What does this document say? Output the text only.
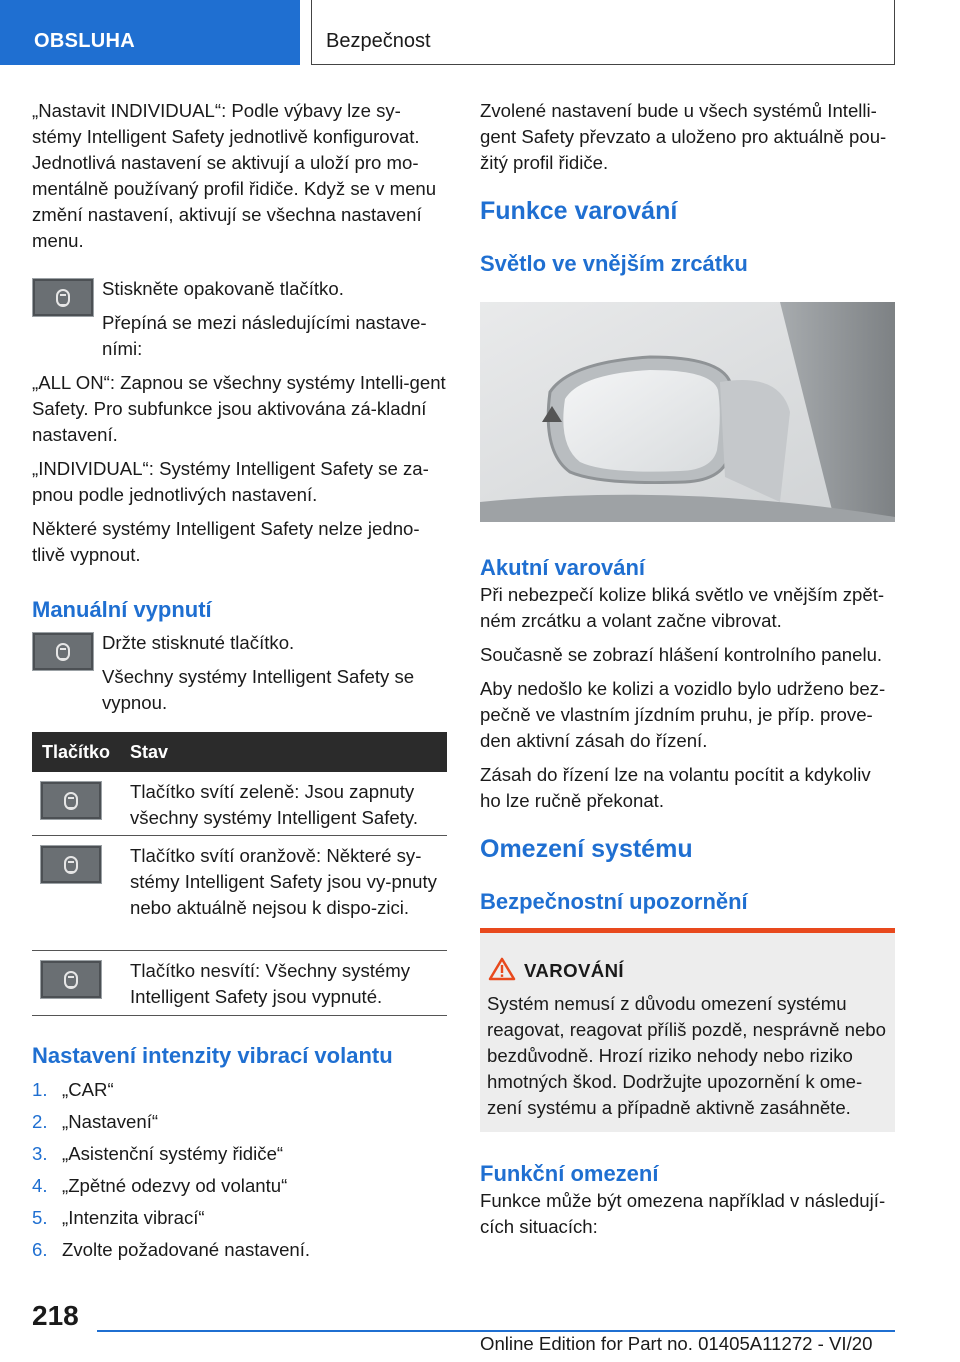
OBSLUHA	Bezpečnost

„Nastavit INDIVIDUAL“: Podle výbavy lze sy-stémy Intelligent Safety jednotlivě konfigurovat. Jednotlivá nastavení se aktivují a uloží pro mo-mentálně používaný profil řidiče. Když se v menu změní nastavení, aktivují se všechna nastavení menu.

Stiskněte opakovaně tlačítko.

Přepíná se mezi následujícími nastave-ními:

„ALL ON“: Zapnou se všechny systémy Intelli-gent Safety. Pro subfunkce jsou aktivována zá-kladní nastavení.

„INDIVIDUAL“: Systémy Intelligent Safety se za-pnou podle jednotlivých nastavení.

Některé systémy Intelligent Safety nelze jedno-tlivě vypnout.

Manuální vypnutí

Držte stisknuté tlačítko.

Všechny systémy Intelligent Safety se vypnou.

Tlačítko Stav
Tlačítko svítí zeleně: Jsou zapnuty všechny systémy Intelligent Safety.
Tlačítko svítí oranžově: Některé sy-stémy Intelligent Safety jsou vy-pnuty nebo aktuálně nejsou k dispo-zici.
Tlačítko nesvítí: Všechny systémy Intelligent Safety jsou vypnuté.
Nastavení intenzity vibrací volantu
1. „CAR“
2. „Nastavení“
3. „Asistenční systémy řidiče“
4. „Zpětné odezvy od volantu“
5. „Intenzita vibrací“
6. Zvolte požadované nastavení.

Zvolené nastavení bude u všech systémů Intelli-gent Safety převzato a uloženo pro aktuálně pou-žitý profil řidiče.

Funkce varování
Světlo ve vnějším zrcátku
Akutní varování

Při nebezpečí kolize bliká světlo ve vnějším zpět-ném zrcátku a volant začne vibrovat.

Současně se zobrazí hlášení kontrolního panelu.

Aby nedošlo ke kolizi a vozidlo bylo udrženo bez-pečně ve vlastním jízdním pruhu, je příp. prove-den aktivní zásah do řízení.

Zásah do řízení lze na volantu pocítit a kdykoliv ho lze ručně překonat.

Omezení systému
Bezpečnostní upozornění
VAROVÁNÍ
Systém nemusí z důvodu omezení systému reagovat, reagovat příliš pozdě, nesprávně nebo bezdůvodně. Hrozí riziko nehody nebo riziko hmotných škod. Dodržujte upozornění k ome-zení systému a případně aktivně zasáhněte.
Funkční omezení

Funkce může být omezena například v následují-cích situacích:

218
Online Edition for Part no. 01405A11272 - VI/20
